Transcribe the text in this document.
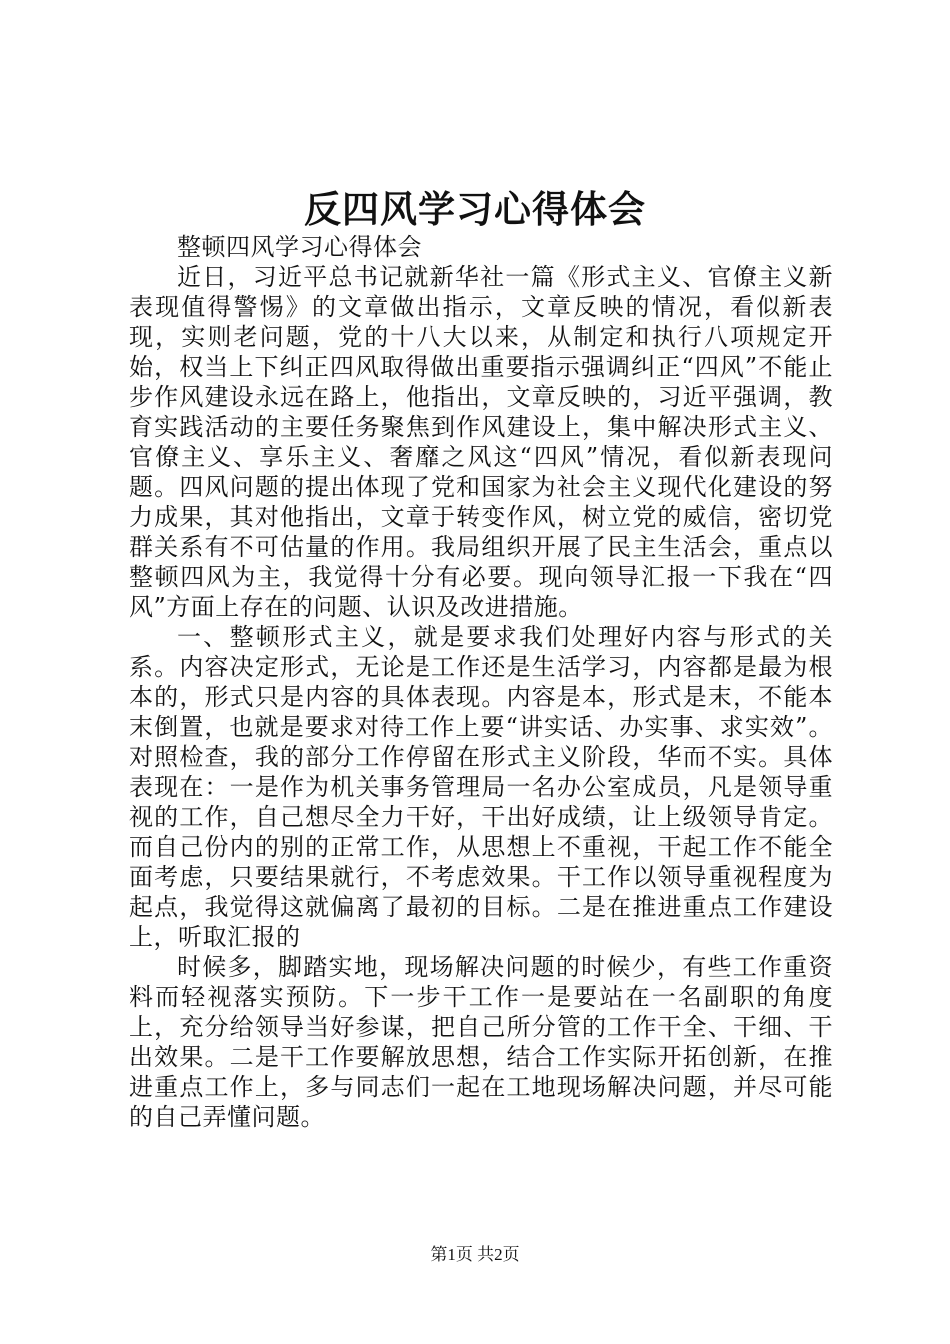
反四风学习心得体会

整顿四风学习心得体会

近日，习近平总书记就新华社一篇《形式主义、官僚主义新表现值得警惕》的文章做出指示，文章反映的情况，看似新表现，实则老问题，党的十八大以来，从制定和执行八项规定开始，权当上下纠正四风取得做出重要指示强调纠正“四风”不能止步作风建设永远在路上，他指出，文章反映的，习近平强调，教育实践活动的主要任务聚焦到作风建设上，集中解决形式主义、官僚主义、享乐主义、奢靡之风这“四风”情况，看似新表现问题。四风问题的提出体现了党和国家为社会主义现代化建设的努力成果，其对他指出，文章于转变作风，树立党的威信，密切党群关系有不可估量的作用。我局组织开展了民主生活会，重点以整顿四风为主，我觉得十分有必要。现向领导汇报一下我在“四风”方面上存在的问题、认识及改进措施。

一、整顿形式主义，就是要求我们处理好内容与形式的关系。内容决定形式，无论是工作还是生活学习，内容都是最为根本的，形式只是内容的具体表现。内容是本，形式是末，不能本末倒置，也就是要求对待工作上要“讲实话、办实事、求实效”。对照检查，我的部分工作停留在形式主义阶段，华而不实。具体表现在：一是作为机关事务管理局一名办公室成员，凡是领导重视的工作，自己想尽全力干好，干出好成绩，让上级领导肯定。而自己份内的别的正常工作，从思想上不重视，干起工作不能全面考虑，只要结果就行，不考虑效果。干工作以领导重视程度为起点，我觉得这就偏离了最初的目标。二是在推进重点工作建设上，听取汇报的

时候多，脚踏实地，现场解决问题的时候少，有些工作重资料而轻视落实预防。下一步干工作一是要站在一名副职的角度上，充分给领导当好参谋，把自己所分管的工作干全、干细、干出效果。二是干工作要解放思想，结合工作实际开拓创新，在推进重点工作上，多与同志们一起在工地现场解决问题，并尽可能的自己弄懂问题。

第1页 共2页
